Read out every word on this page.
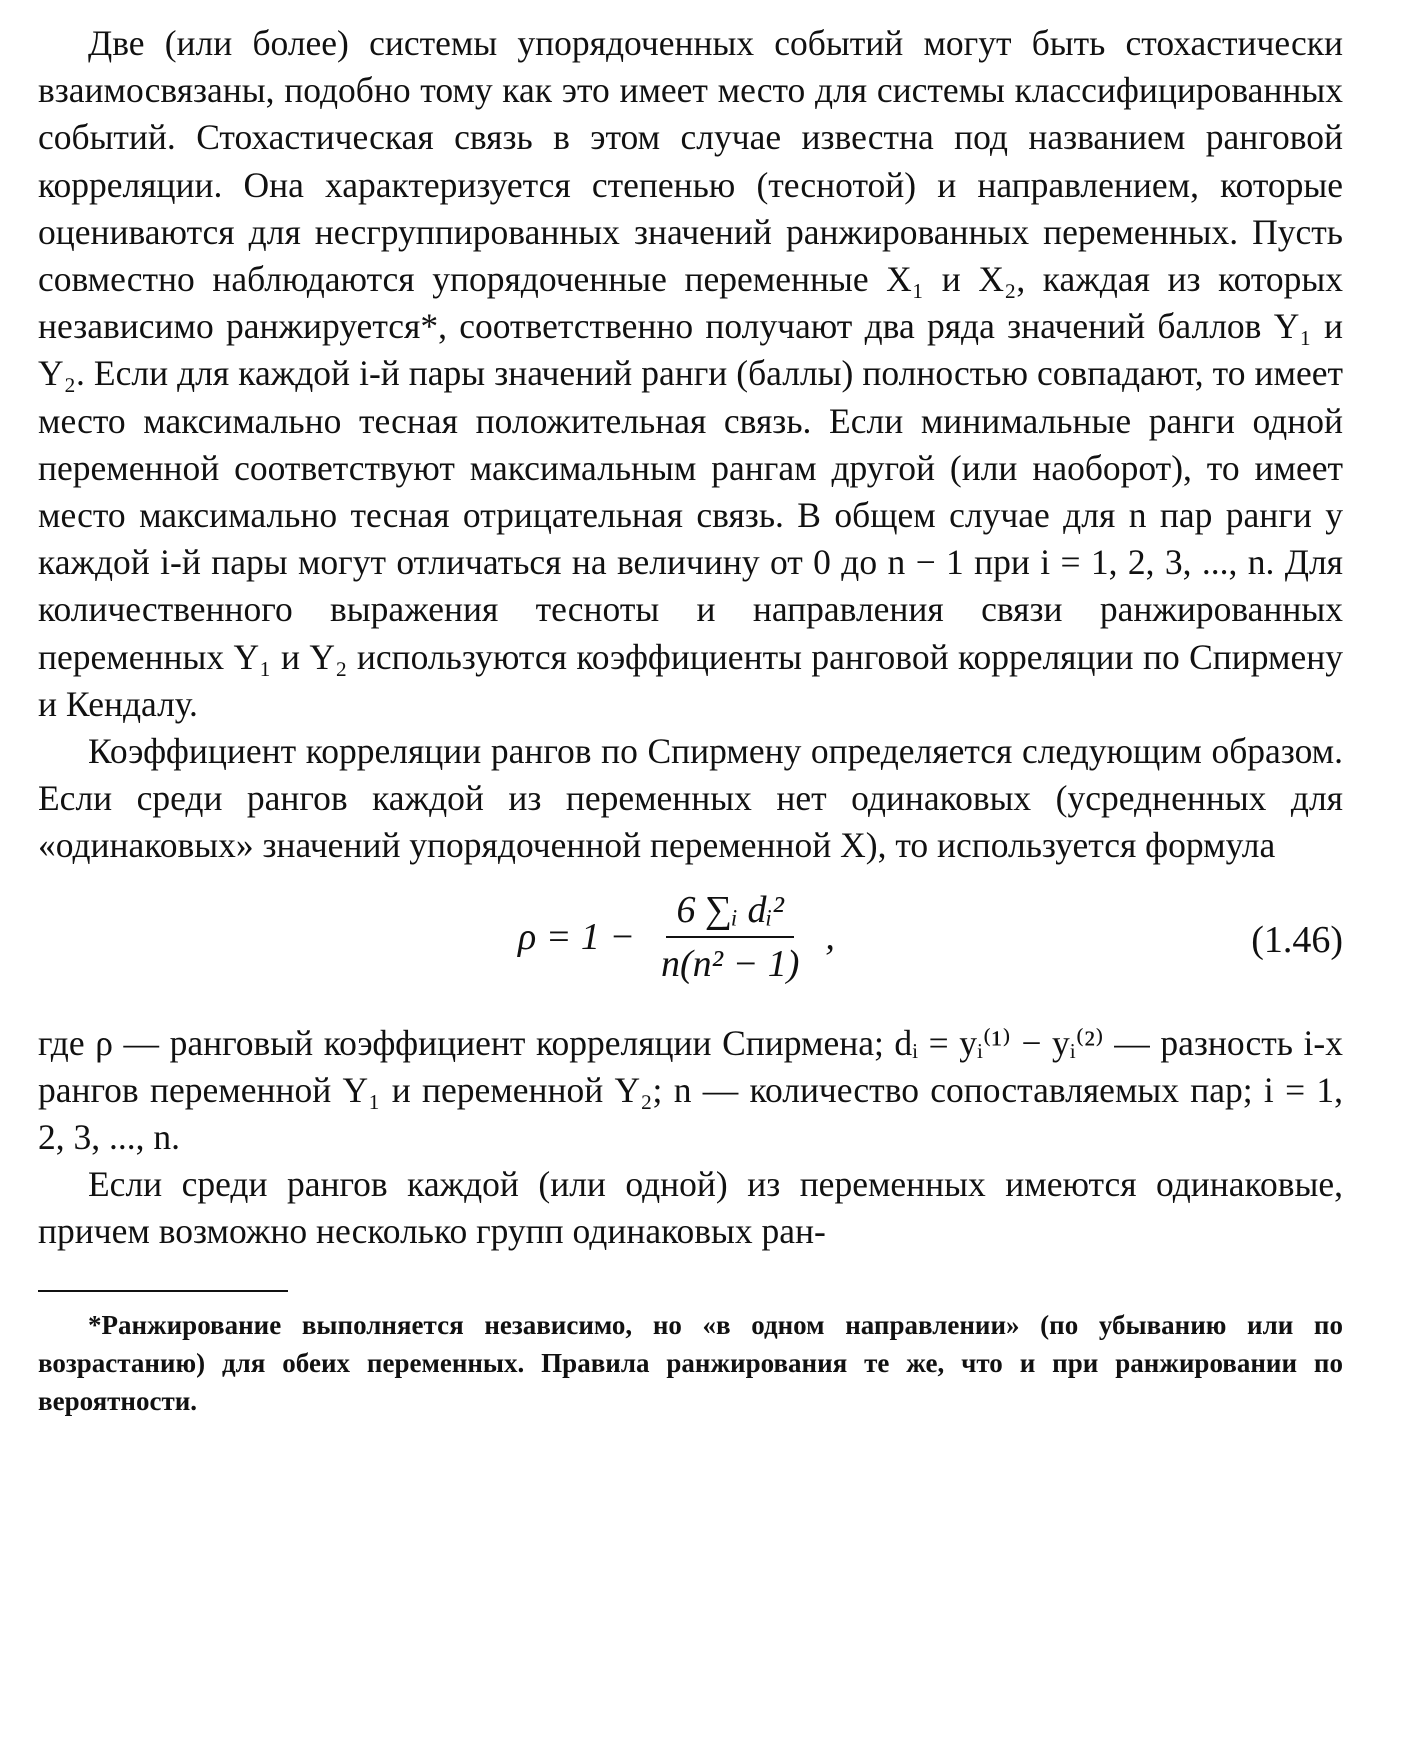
Две (или более) системы упорядоченных событий могут быть стохастически взаимосвязаны, подобно тому как это имеет место для системы классифицированных событий. Стохастическая связь в этом случае известна под названием ранговой корреляции. Она характеризуется степенью (теснотой) и направлением, которые оцениваются для несгруппированных значений ранжированных переменных. Пусть совместно наблюдаются упорядоченные переменные X₁ и X₂, каждая из которых независимо ранжируется*, соответственно получают два ряда значений баллов Y₁ и Y₂. Если для каждой i-й пары значений ранги (баллы) полностью совпадают, то имеет место максимально тесная положительная связь. Если минимальные ранги одной переменной соответствуют максимальным рангам другой (или наоборот), то имеет место максимально тесная отрицательная связь. В общем случае для n пар ранги у каждой i-й пары могут отличаться на величину от 0 до n − 1 при i = 1, 2, 3, ..., n. Для количественного выражения тесноты и направления связи ранжированных переменных Y₁ и Y₂ используются коэффициенты ранговой корреляции по Спирмену и Кендалу.

Коэффициент корреляции рангов по Спирмену определяется следующим образом. Если среди рангов каждой из переменных нет одинаковых (усредненных для «одинаковых» значений упорядоченной переменной X), то используется формула

$\rho = 1 - \frac{\text{6 ∑ᵢ dᵢ²}}{\text{n(n² − 1)}}$ ,	(1.46)

где ρ — ранговый коэффициент корреляции Спирмена; dᵢ = yᵢ⁽¹⁾ − yᵢ⁽²⁾ — разность i-х рангов переменной Y₁ и переменной Y₂; n — количество сопоставляемых пар; i = 1, 2, 3, ..., n.

Если среди рангов каждой (или одной) из переменных имеются одинаковые, причем возможно несколько групп одинаковых ран-

*Ранжирование выполняется независимо, но «в одном направлении» (по убыванию или по возрастанию) для обеих переменных. Правила ранжирования те же, что и при ранжировании по вероятности.
